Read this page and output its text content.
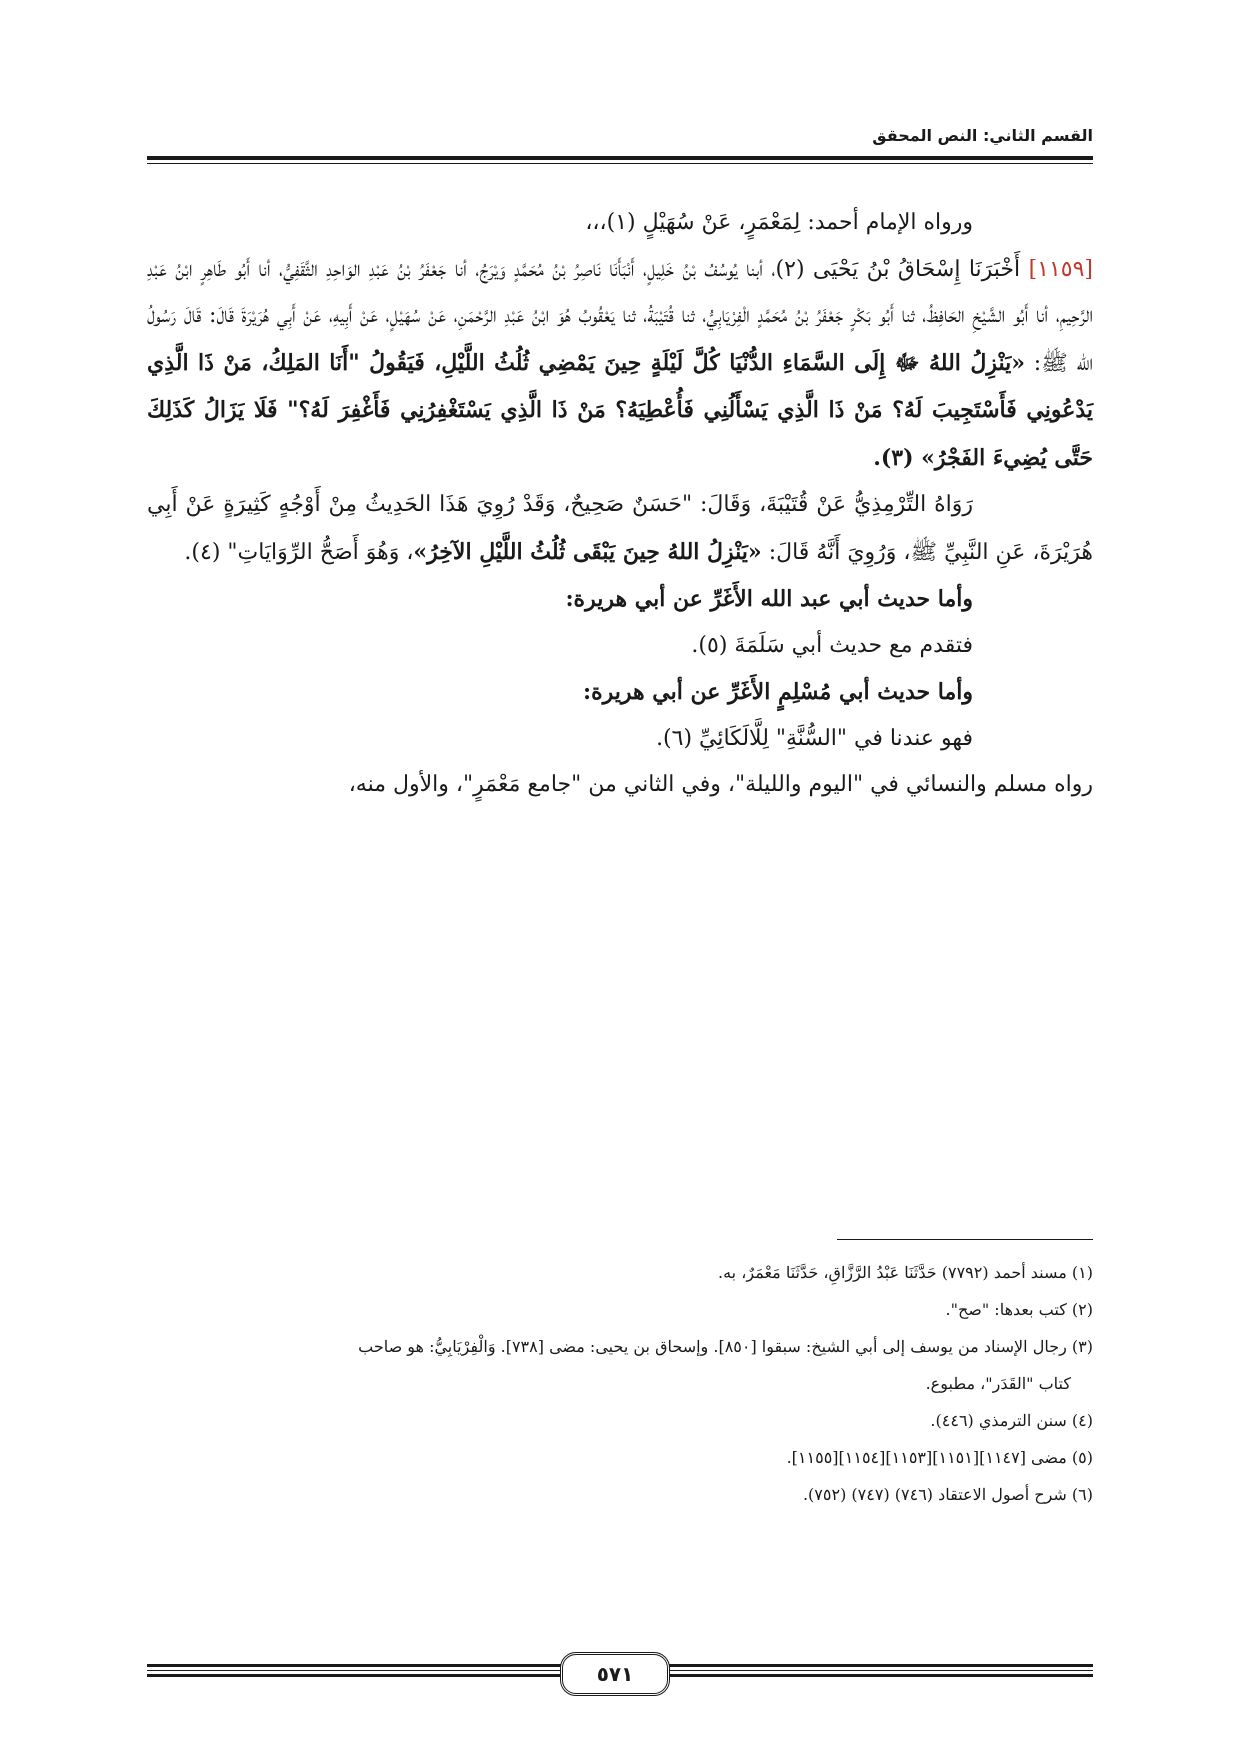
القسم الثاني: النص المحقق

ورواه الإمام أحمد: لِمَعْمَرٍ، عَنْ سُهَيْلٍ (١)،،،

[١١٥٩] أَخْبَرَنَا إِسْحَاقُ بْنُ يَحْيَى (٢)، أبنا يُوسُفُ بْنُ خَلِيلٍ، أَنْبَأَنَا نَاصِرُ بْنُ مُحَمَّدٍ وَيْرَجُ، أنا جَعْفَرُ بْنُ عَبْدِ الوَاحِدِ الثَّقَفِيُّ، أنا أَبُو طَاهِرٍ ابْنُ عَبْدِ الرَّحِيمِ، أنا أَبُو الشَّيْخِ الحَافِظُ، ثنا أَبُو بَكْرٍ جَعْفَرُ بْنُ مُحَمَّدٍ الْفِرْيَابِيُّ، ثنا قُتَيْبَةُ، ثنا يَعْقُوبُ هُوَ ابْنُ عَبْدِ الرَّحْمَنِ، عَنْ سُهَيْلٍ، عَنْ أَبِيهِ، عَنْ أَبِي هُرَيْرَةَ قَالَ: قَالَ رَسُولُ الله ﷺ: «يَنْزِلُ اللهُ ﷻ إِلَى السَّمَاءِ الدُّنْيَا كُلَّ لَيْلَةٍ حِينَ يَمْضِي ثُلُثُ اللَّيْلِ، فَيَقُولُ "أَنَا المَلِكُ، مَنْ ذَا الَّذِي يَدْعُونِي فَأَسْتَجِيبَ لَهُ؟ مَنْ ذَا الَّذِي يَسْأَلُنِي فَأُعْطِيَهُ؟ مَنْ ذَا الَّذِي يَسْتَغْفِرُنِي فَأَغْفِرَ لَهُ؟" فَلَا يَزَالُ كَذَلِكَ حَتَّى يُضِيءَ الفَجْرُ» (٣).

رَوَاهُ التِّرْمِذِيُّ عَنْ قُتَيْبَةَ، وَقَالَ: "حَسَنٌ صَحِيحٌ، وَقَدْ رُوِيَ هَذَا الحَدِيثُ مِنْ أَوْجُهٍ كَثِيرَةٍ عَنْ أَبِي هُرَيْرَةَ، عَنِ النَّبِيِّ ﷺ، وَرُوِيَ أَنَّهُ قَالَ: «يَنْزِلُ اللهُ حِينَ يَبْقَى ثُلُثُ اللَّيْلِ الآخِرُ»، وَهُوَ أَصَحُّ الرِّوَايَاتِ" (٤).

وأما حديث أبي عبد الله الأَغَرِّ عن أبي هريرة:

فتقدم مع حديث أبي سَلَمَةَ (٥).

وأما حديث أبي مُسْلِمٍ الأَغَرِّ عن أبي هريرة:

فهو عندنا في "السُّنَّةِ" لِلَّالَكَائِيِّ (٦).

رواه مسلم والنسائي في "اليوم والليلة"، وفي الثاني من "جامع مَعْمَرٍ"، والأول منه،

(١) مسند أحمد (٧٧٩٢) حَدَّثَنَا عَبْدُ الرَّزَّاقِ، حَدَّثَنَا مَعْمَرٌ، به.

(٢) كتب بعدها: "صح".

(٣) رجال الإسناد من يوسف إلى أبي الشيخ: سبقوا [٨٥٠]. وإسحاق بن يحيى: مضى [٧٣٨]. وَالْفِرْيَابِيُّ: هو صاحب

كتاب "القَدَر"، مطبوع.

(٤) سنن الترمذي (٤٤٦).

(٥) مضى [١١٤٧][١١٥١][١١٥٣][١١٥٤][١١٥٥].

(٦) شرح أصول الاعتقاد (٧٤٦) (٧٤٧) (٧٥٢).

٥٧١
